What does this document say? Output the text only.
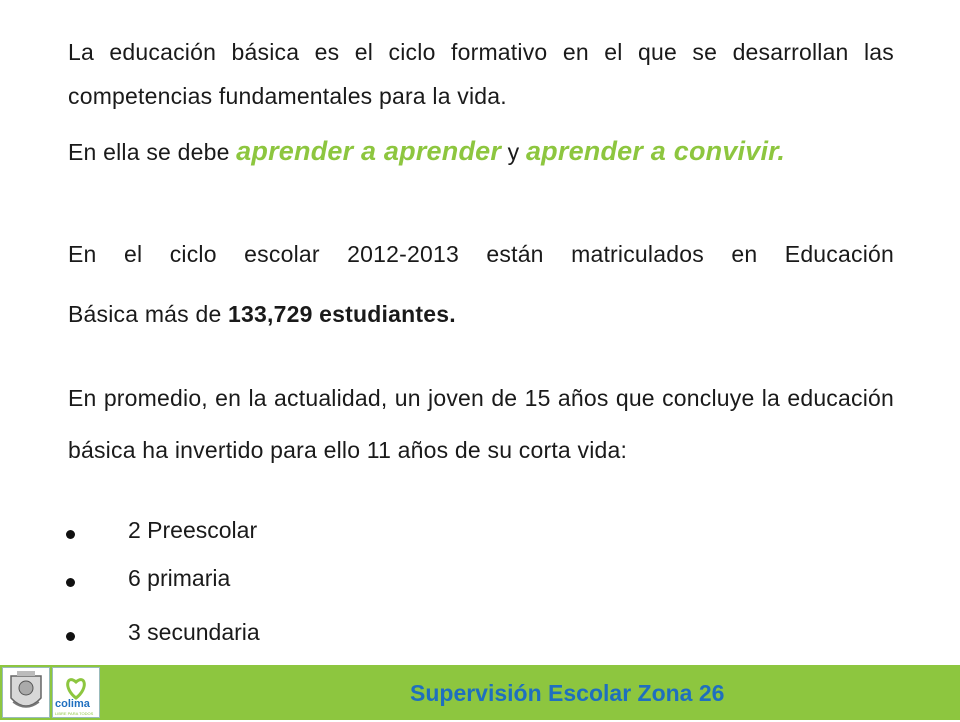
La educación básica es el ciclo formativo en el que se desarrollan las competencias fundamentales para la vida.

En ella se debe aprender a aprender y aprender a convivir.

En el ciclo escolar 2012-2013 están matriculados en Educación

Básica más de 133,729 estudiantes.

En promedio, en la actualidad, un joven de 15 años que concluye la educación básica ha invertido para ello 11 años de su corta vida:

2 Preescolar
6 primaria
3 secundaria
colima
LIBRE PARA TODOS
Supervisión Escolar Zona 26
